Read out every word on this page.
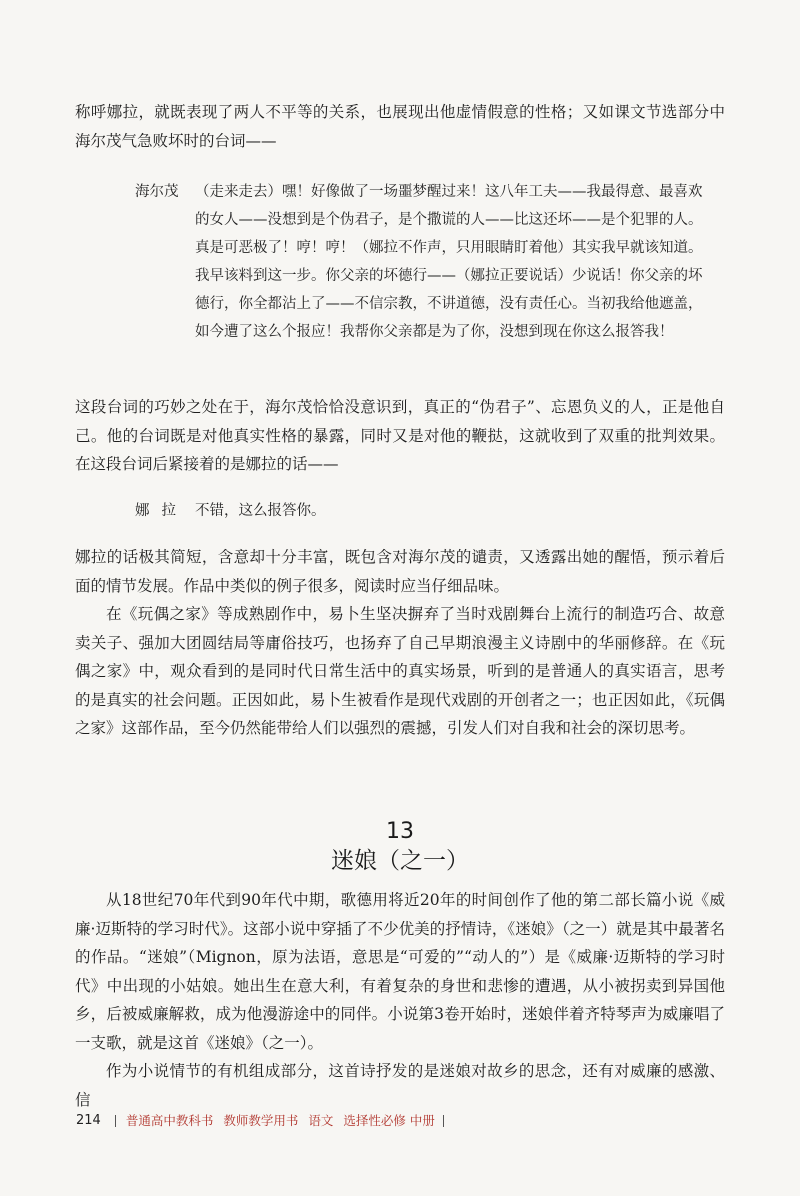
称呼娜拉，就既表现了两人不平等的关系，也展现出他虚情假意的性格；又如课文节选部分中海尔茂气急败坏时的台词——

海尔茂 （走来走去）嘿！好像做了一场噩梦醒过来！这八年工夫——我最得意、最喜欢的女人——没想到是个伪君子，是个撒谎的人——比这还坏——是个犯罪的人。真是可恶极了！哼！哼！（娜拉不作声，只用眼睛盯着他）其实我早就该知道。我早该料到这一步。你父亲的坏德行——（娜拉正要说话）少说话！你父亲的坏德行，你全都沾上了——不信宗教，不讲道德，没有责任心。当初我给他遮盖，如今遭了这么个报应！我帮你父亲都是为了你，没想到现在你这么报答我！

这段台词的巧妙之处在于，海尔茂恰恰没意识到，真正的“伪君子”、忘恩负义的人，正是他自己。他的台词既是对他真实性格的暴露，同时又是对他的鞭挞，这就收到了双重的批判效果。在这段台词后紧接着的是娜拉的话——

娜拉 不错，这么报答你。

娜拉的话极其简短，含意却十分丰富，既包含对海尔茂的谴责，又透露出她的醒悟，预示着后面的情节发展。作品中类似的例子很多，阅读时应当仔细品味。

在《玩偶之家》等成熟剧作中，易卜生坚决摒弃了当时戏剧舞台上流行的制造巧合、故意卖关子、强加大团圆结局等庸俗技巧，也扬弃了自己早期浪漫主义诗剧中的华丽修辞。在《玩偶之家》中，观众看到的是同时代日常生活中的真实场景，听到的是普通人的真实语言，思考的是真实的社会问题。正因如此，易卜生被看作是现代戏剧的开创者之一；也正因如此，《玩偶之家》这部作品，至今仍然能带给人们以强烈的震撼，引发人们对自我和社会的深切思考。

13
迷娘（之一）

从18世纪70年代到90年代中期，歌德用将近20年的时间创作了他的第二部长篇小说《威廉·迈斯特的学习时代》。这部小说中穿插了不少优美的抒情诗，《迷娘》（之一）就是其中最著名的作品。“迷娘”（Mignon，原为法语，意思是“可爱的”“动人的”）是《威廉·迈斯特的学习时代》中出现的小姑娘。她出生在意大利，有着复杂的身世和悲惨的遭遇，从小被拐卖到异国他乡，后被威廉解救，成为他漫游途中的同伴。小说第3卷开始时，迷娘伴着齐特琴声为威廉唱了一支歌，就是这首《迷娘》（之一）。

作为小说情节的有机组成部分，这首诗抒发的是迷娘对故乡的思念，还有对威廉的感激、信

214 普通高中教科书 教师教学用书 语文 选择性必修 中册
